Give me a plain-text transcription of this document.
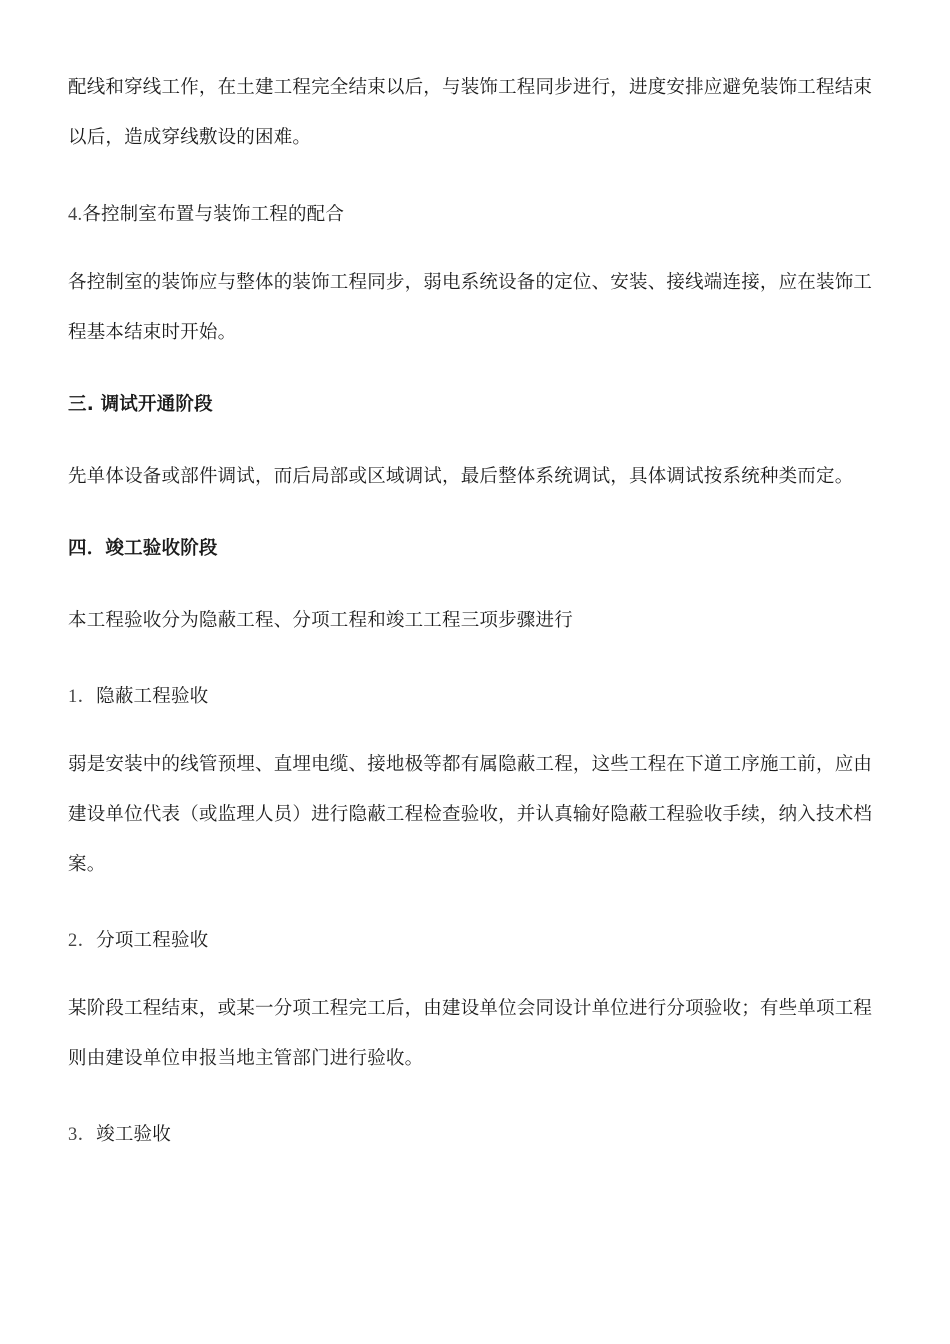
配线和穿线工作，在土建工程完全结束以后，与装饰工程同步进行，进度安排应避免装饰工程结束
以后，造成穿线敷设的困难。
4.各控制室布置与装饰工程的配合
各控制室的装饰应与整体的装饰工程同步，弱电系统设备的定位、安装、接线端连接，应在装饰工
程基本结束时开始。
三. 调试开通阶段
先单体设备或部件调试，而后局部或区域调试，最后整体系统调试，具体调试按系统种类而定。
四．竣工验收阶段
本工程验收分为隐蔽工程、分项工程和竣工工程三项步骤进行
1．隐蔽工程验收
弱是安装中的线管预埋、直埋电缆、接地极等都有属隐蔽工程，这些工程在下道工序施工前，应由
建设单位代表（或监理人员）进行隐蔽工程检查验收，并认真输好隐蔽工程验收手续，纳入技术档
案。
2．分项工程验收
某阶段工程结束，或某一分项工程完工后，由建设单位会同设计单位进行分项验收；有些单项工程
则由建设单位申报当地主管部门进行验收。
3．竣工验收
